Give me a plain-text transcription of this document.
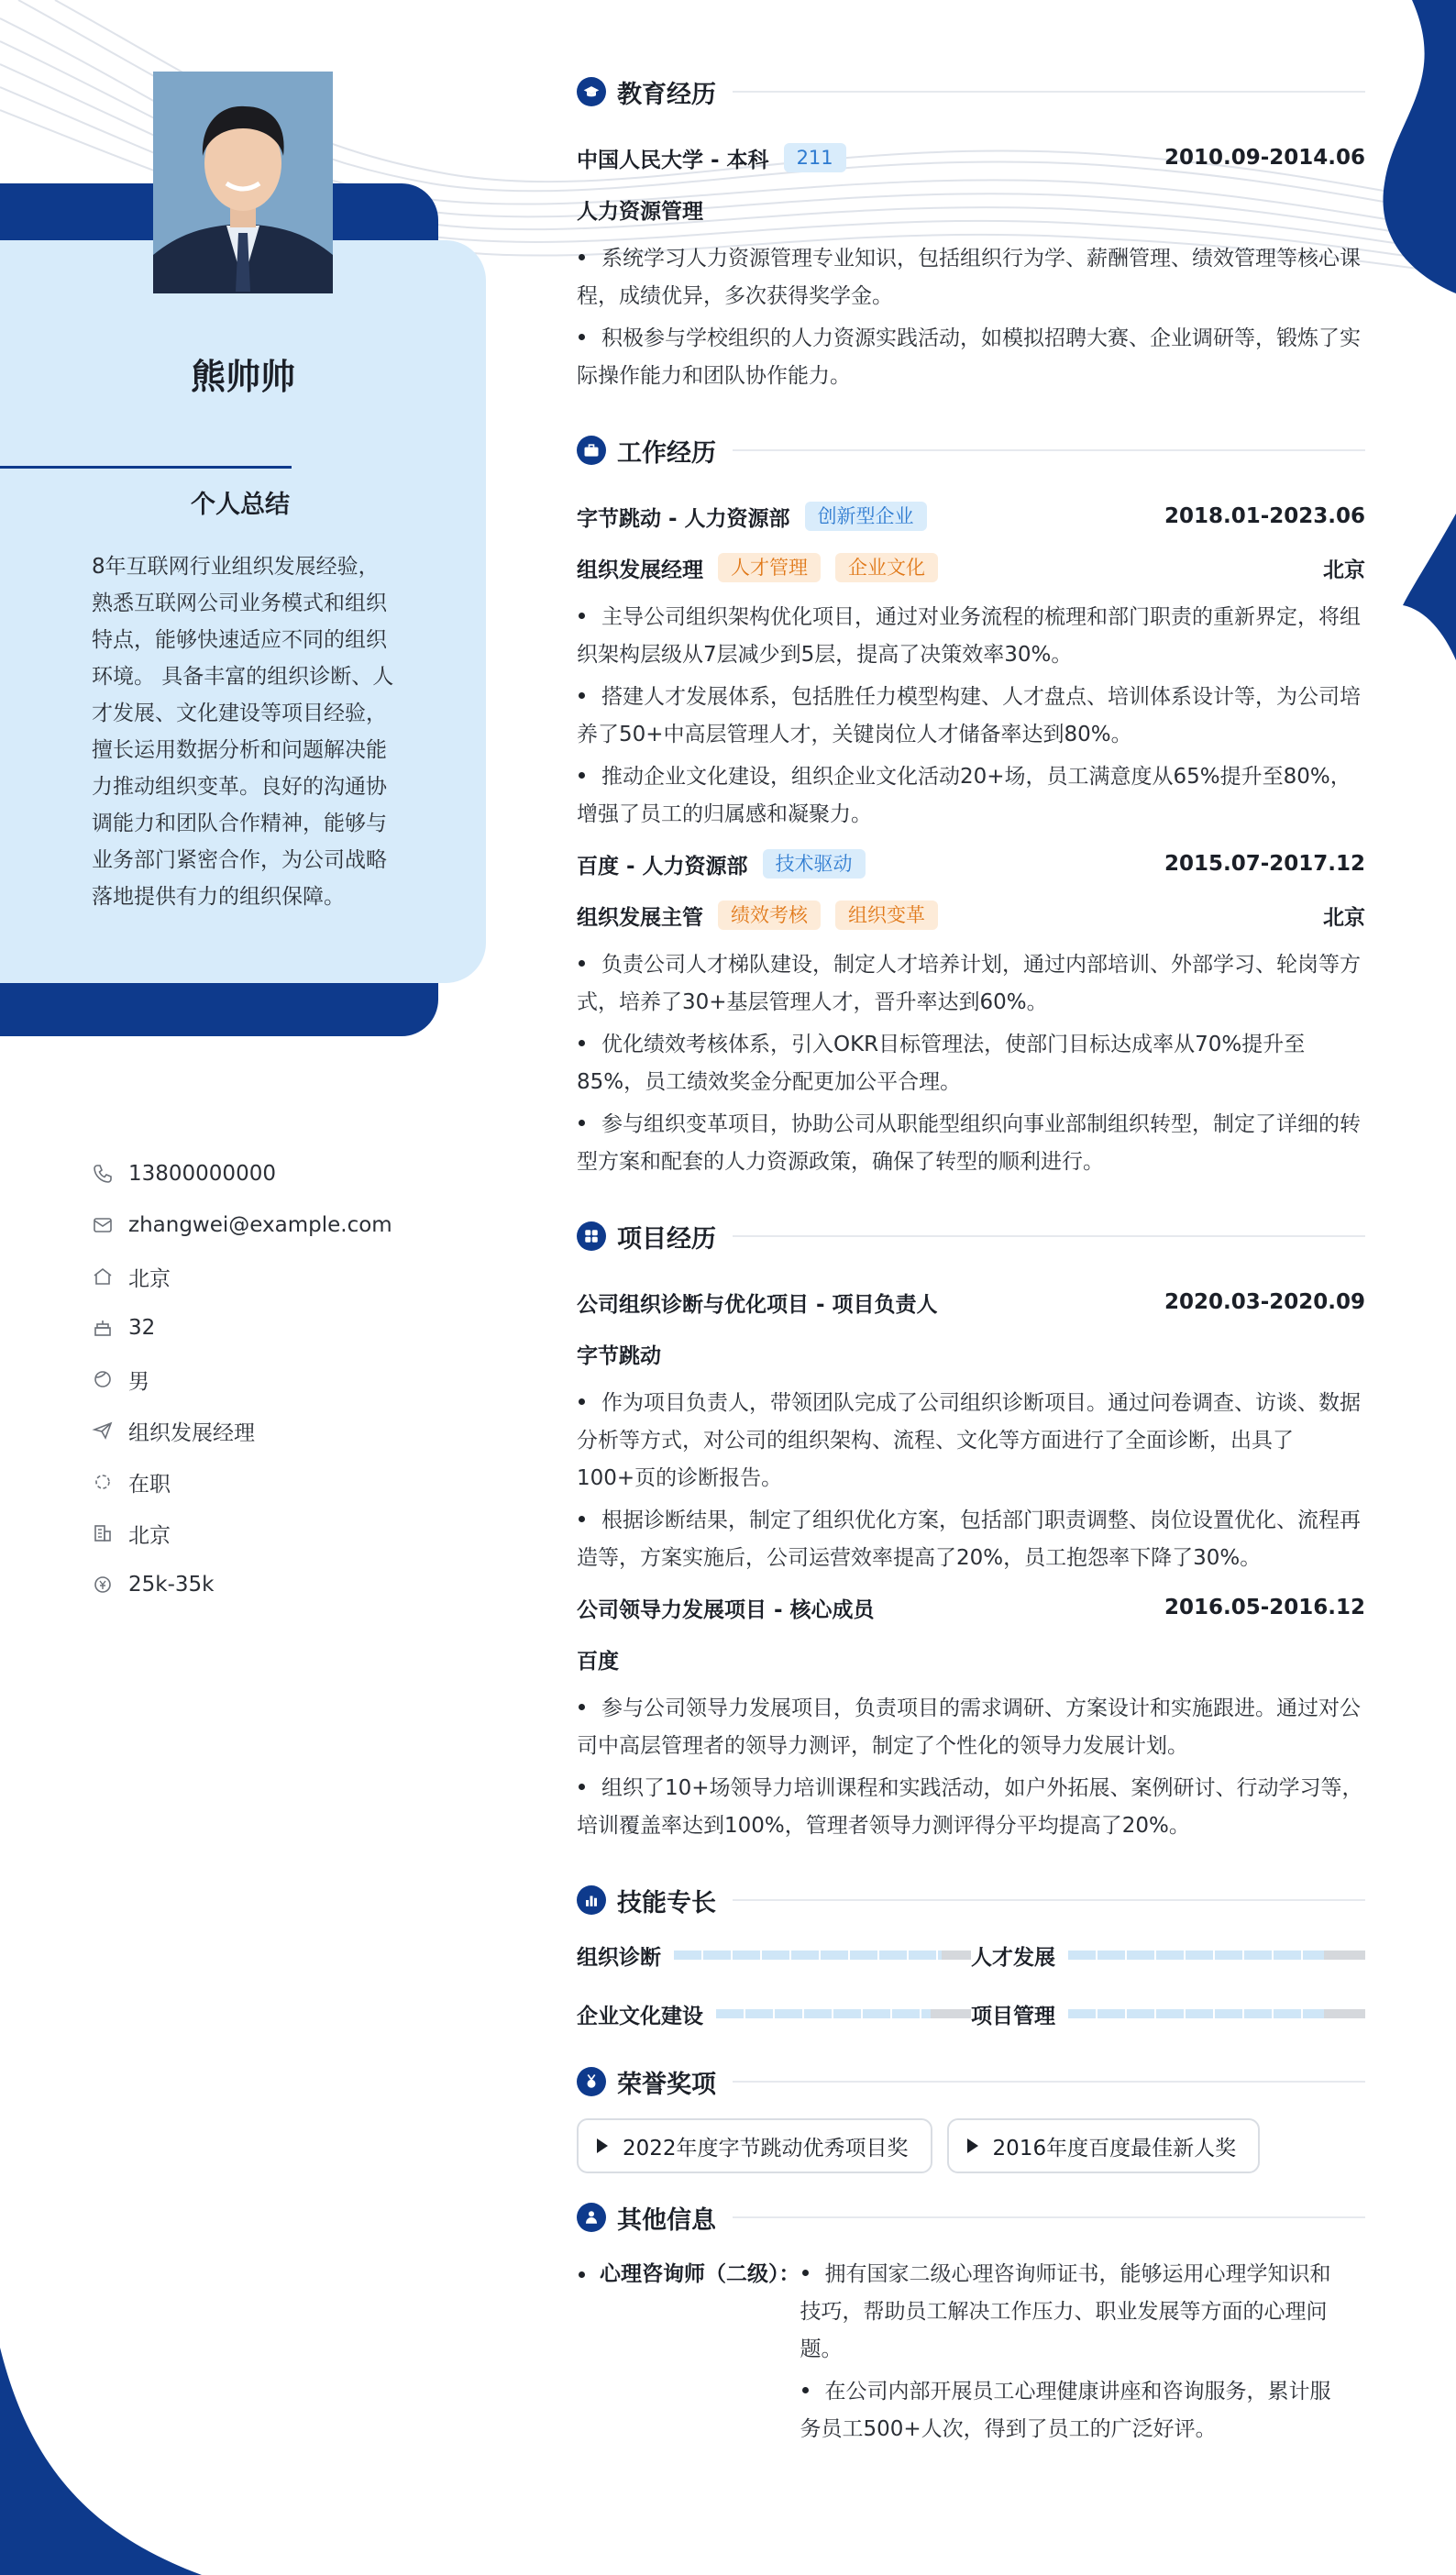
熊帅帅
个人总结
8年互联网行业组织发展经验，熟悉互联网公司业务模式和组织特点，能够快速适应不同的组织环境。 具备丰富的组织诊断、人才发展、文化建设等项目经验，擅长运用数据分析和问题解决能力推动组织变革。良好的沟通协调能力和团队合作精神，能够与业务部门紧密合作，为公司战略落地提供有力的组织保障。
13800000000
zhangwei@example.com
北京
32
男
组织发展经理
在职
北京
25k-35k
教育经历
中国人民大学 - 本科	211	2010.09-2014.06
人力资源管理
系统学习人力资源管理专业知识，包括组织行为学、薪酬管理、绩效管理等核心课程，成绩优异，多次获得奖学金。
积极参与学校组织的人力资源实践活动，如模拟招聘大赛、企业调研等，锻炼了实际操作能力和团队协作能力。
工作经历
字节跳动 - 人力资源部	创新型企业	2018.01-2023.06
组织发展经理	人才管理	企业文化	北京
主导公司组织架构优化项目，通过对业务流程的梳理和部门职责的重新界定，将组织架构层级从7层减少到5层，提高了决策效率30%。
搭建人才发展体系，包括胜任力模型构建、人才盘点、培训体系设计等，为公司培养了50+中高层管理人才，关键岗位人才储备率达到80%。
推动企业文化建设，组织企业文化活动20+场，员工满意度从65%提升至80%，增强了员工的归属感和凝聚力。
百度 - 人力资源部	技术驱动	2015.07-2017.12
组织发展主管	绩效考核	组织变革	北京
负责公司人才梯队建设，制定人才培养计划，通过内部培训、外部学习、轮岗等方式，培养了30+基层管理人才，晋升率达到60%。
优化绩效考核体系，引入OKR目标管理法，使部门目标达成率从70%提升至85%，员工绩效奖金分配更加公平合理。
参与组织变革项目，协助公司从职能型组织向事业部制组织转型，制定了详细的转型方案和配套的人力资源政策，确保了转型的顺利进行。
项目经历
公司组织诊断与优化项目 - 项目负责人	2020.03-2020.09
字节跳动
作为项目负责人，带领团队完成了公司组织诊断项目。通过问卷调查、访谈、数据分析等方式，对公司的组织架构、流程、文化等方面进行了全面诊断，出具了100+页的诊断报告。
根据诊断结果，制定了组织优化方案，包括部门职责调整、岗位设置优化、流程再造等，方案实施后，公司运营效率提高了20%，员工抱怨率下降了30%。
公司领导力发展项目 - 核心成员	2016.05-2016.12
百度
参与公司领导力发展项目，负责项目的需求调研、方案设计和实施跟进。通过对公司中高层管理者的领导力测评，制定了个性化的领导力发展计划。
组织了10+场领导力培训课程和实践活动，如户外拓展、案例研讨、行动学习等，培训覆盖率达到100%，管理者领导力测评得分平均提高了20%。
技能专长
组织诊断	人才发展
企业文化建设	项目管理
荣誉奖项
2022年度字节跳动优秀项目奖	2016年度百度最佳新人奖
其他信息
心理咨询师（二级）：	拥有国家二级心理咨询师证书，能够运用心理学知识和技巧，帮助员工解决工作压力、职业发展等方面的心理问题。
在公司内部开展员工心理健康讲座和咨询服务，累计服务员工500+人次，得到了员工的广泛好评。
